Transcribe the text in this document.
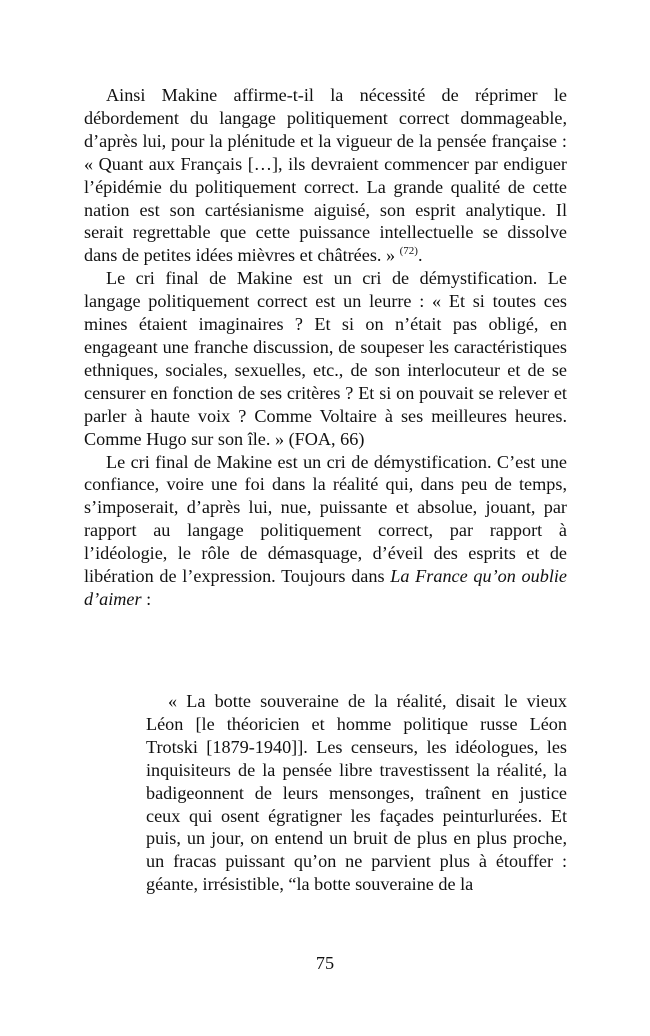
Ainsi Makine affirme-t-il la nécessité de réprimer le débordement du langage politiquement correct dommageable, d’après lui, pour la plénitude et la vigueur de la pensée française : « Quant aux Français […], ils devraient commencer par endiguer l’épidémie du politiquement correct. La grande qualité de cette nation est son cartésianisme aiguisé, son esprit analytique. Il serait regrettable que cette puissance intellectuelle se dissolve dans de petites idées mièvres et châtrées. » $^{(72)}$.

Le cri final de Makine est un cri de démystification. Le langage politiquement correct est un leurre : « Et si toutes ces mines étaient imaginaires ? Et si on n’était pas obligé, en engageant une franche discussion, de soupeser les caractéristiques ethniques, sociales, sexuelles, etc., de son interlocuteur et de se censurer en fonction de ses critères ? Et si on pouvait se relever et parler à haute voix ? Comme Voltaire à ses meilleures heures. Comme Hugo sur son île. » (FOA, 66)

Le cri final de Makine est un cri de démystification. C’est une confiance, voire une foi dans la réalité qui, dans peu de temps, s’imposerait, d’après lui, nue, puissante et absolue, jouant, par rapport au langage politiquement correct, par rapport à l’idéologie, le rôle de démasquage, d’éveil des esprits et de libération de l’expression. Toujours dans La France qu’on oublie d’aimer :

« La botte souveraine de la réalité, disait le vieux Léon [le théoricien et homme politique russe Léon Trotski [1879-1940]]. Les censeurs, les idéologues, les inquisiteurs de la pensée libre travestissent la réalité, la badigeonnent de leurs mensonges, traînent en justice ceux qui osent égratigner les façades peinturlurées. Et puis, un jour, on entend un bruit de plus en plus proche, un fracas puissant qu’on ne parvient plus à étouffer : géante, irrésistible, “la botte souveraine de la

75
